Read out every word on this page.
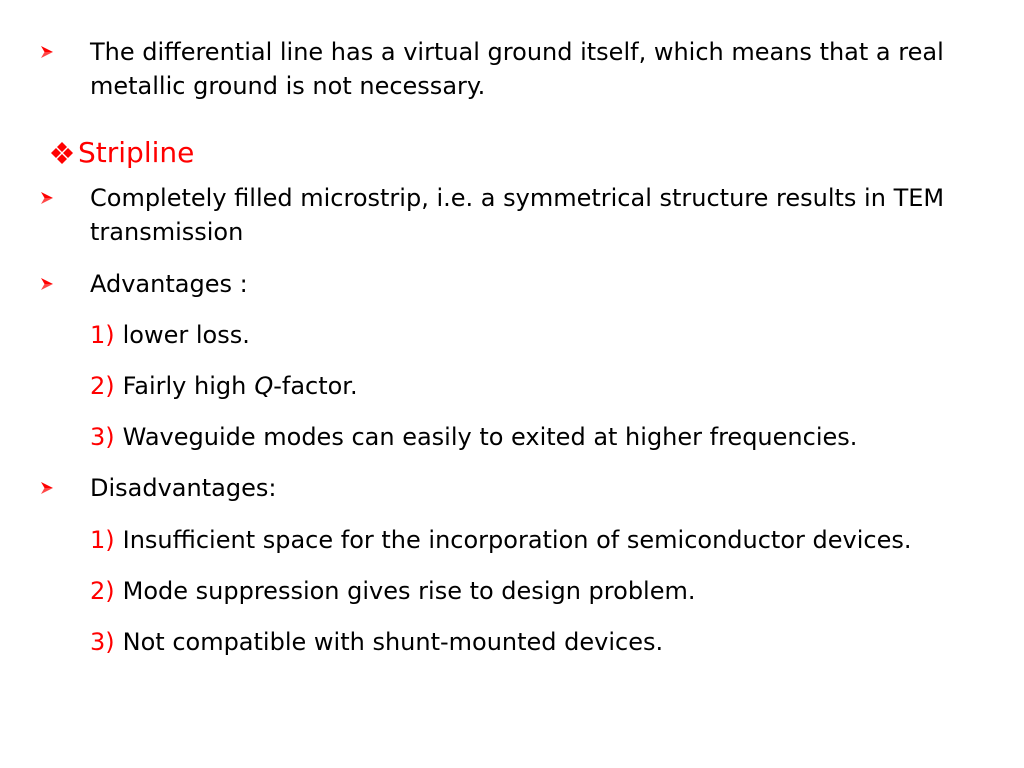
The differential line has a virtual ground itself, which means that a real metallic ground is not necessary.
Stripline
Completely filled microstrip, i.e. a symmetrical structure results in TEM transmission
Advantages :
1) lower loss.
2) Fairly high Q-factor.
3) Waveguide modes can easily to exited at higher frequencies.
Disadvantages:
1) Insufficient space for the incorporation of semiconductor devices.
2) Mode suppression gives rise to design problem.
3) Not compatible with shunt-mounted devices.
